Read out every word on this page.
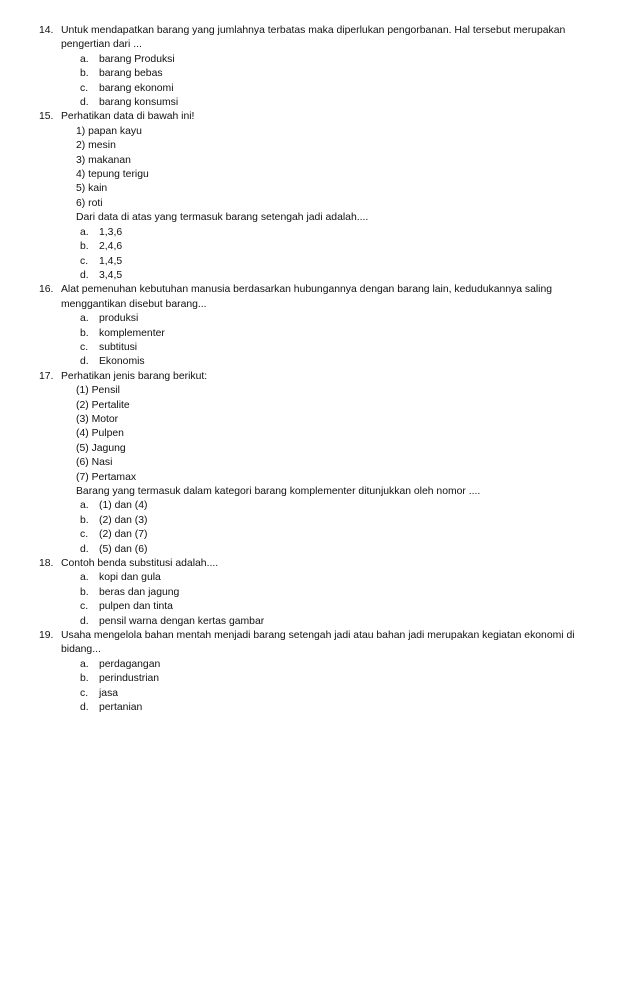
14. Untuk mendapatkan barang yang jumlahnya terbatas maka diperlukan pengorbanan. Hal tersebut merupakan pengertian dari ...
a. barang Produksi
b. barang bebas
c. barang ekonomi
d. barang konsumsi
15. Perhatikan data di bawah ini!
1) papan kayu
2) mesin
3) makanan
4) tepung terigu
5) kain
6) roti
Dari data di atas yang termasuk barang setengah jadi adalah....
a. 1,3,6
b. 2,4,6
c. 1,4,5
d. 3,4,5
16. Alat pemenuhan kebutuhan manusia berdasarkan hubungannya dengan barang lain, kedudukannya saling menggantikan disebut barang...
a. produksi
b. komplementer
c. subtitusi
d. Ekonomis
17. Perhatikan jenis barang berikut:
(1) Pensil
(2) Pertalite
(3) Motor
(4) Pulpen
(5) Jagung
(6) Nasi
(7) Pertamax
Barang yang termasuk dalam kategori barang komplementer ditunjukkan oleh nomor ....
a. (1) dan (4)
b. (2) dan (3)
c. (2) dan (7)
d. (5) dan (6)
18. Contoh benda substitusi adalah....
a. kopi dan gula
b. beras dan jagung
c. pulpen dan tinta
d. pensil warna dengan kertas gambar
19. Usaha mengelola bahan mentah menjadi barang setengah jadi atau bahan jadi merupakan kegiatan ekonomi di bidang...
a. perdagangan
b. perindustrian
c. jasa
d. pertanian
